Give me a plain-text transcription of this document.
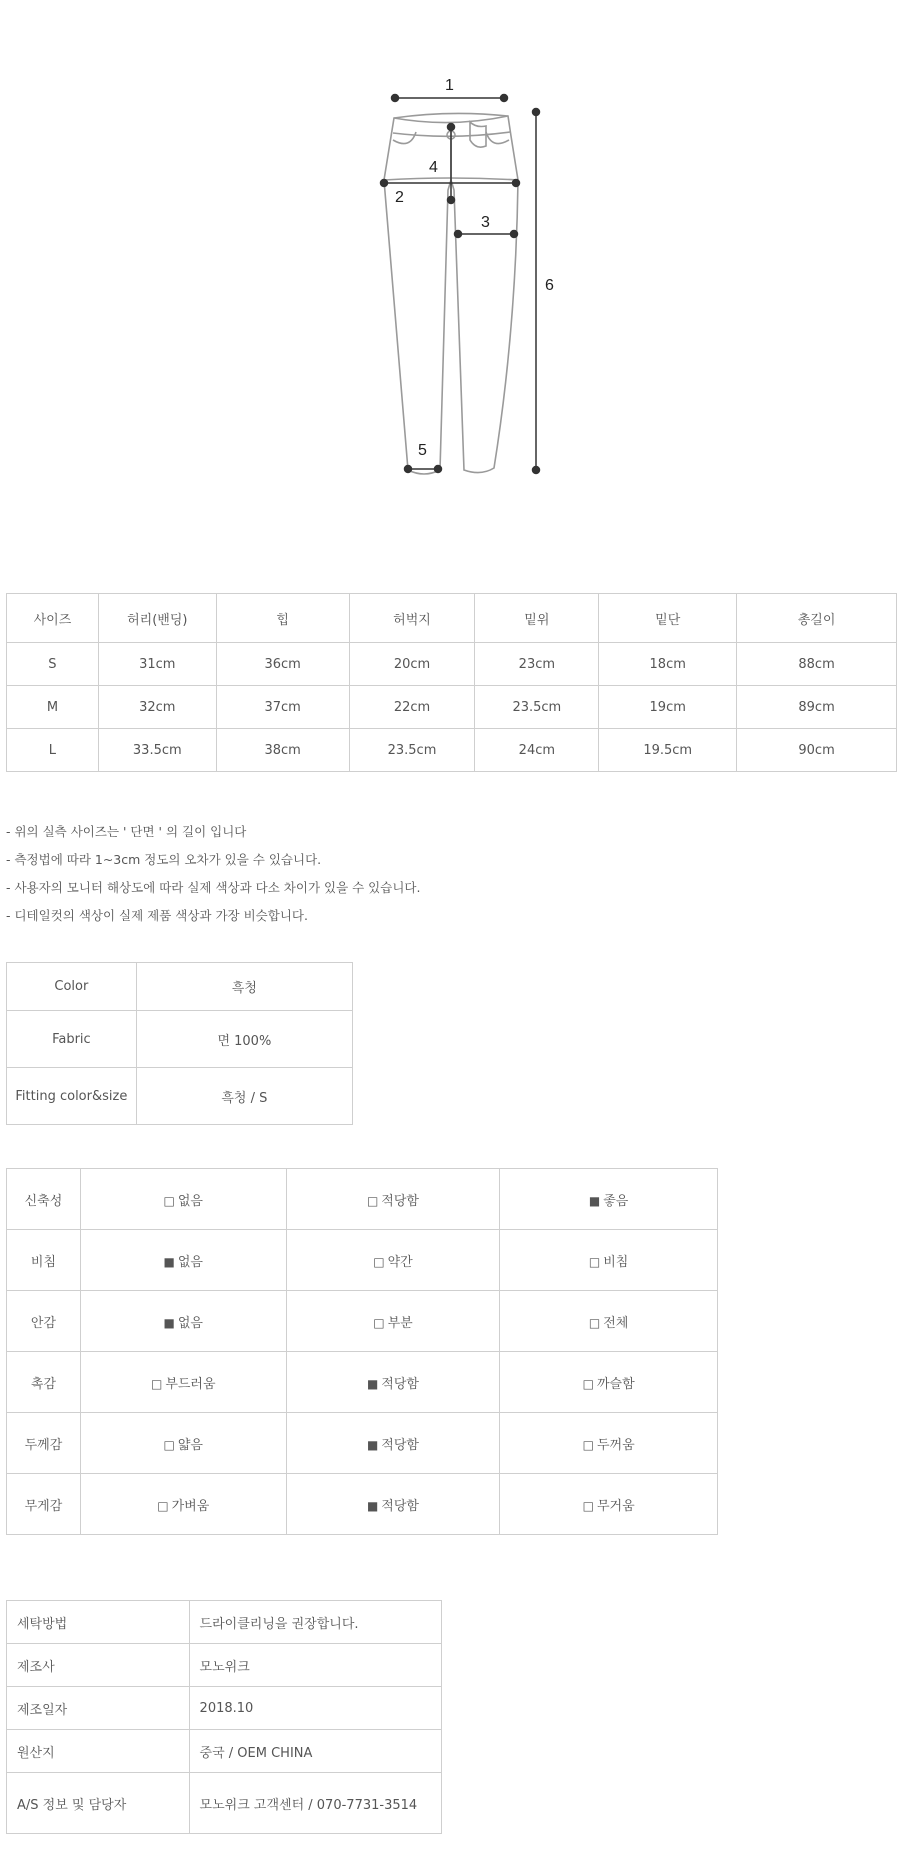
1
2
3
4
5
6
사이즈	허리(밴딩)	힙	허벅지	밑위	밑단	총길이
S	31cm	36cm	20cm	23cm	18cm	88cm
M	32cm	37cm	22cm	23.5cm	19cm	89cm
L	33.5cm	38cm	23.5cm	24cm	19.5cm	90cm
- 위의 실측 사이즈는 ' 단면 ' 의 길이 입니다
- 측정법에 따라 1~3cm 정도의 오차가 있을 수 있습니다.
- 사용자의 모니터 해상도에 따라 실제 색상과 다소 차이가 있을 수 있습니다.
- 디테일컷의 색상이 실제 제품 색상과 가장 비슷합니다.
Color	흑청
Fabric	면 100%
Fitting color&size	흑청 / S
신축성	□ 없음	□ 적당함	■ 좋음
비침	■ 없음	□ 약간	□ 비침
안감	■ 없음	□ 부분	□ 전체
촉감	□ 부드러움	■ 적당함	□ 까슬함
두께감	□ 얇음	■ 적당함	□ 두꺼움
무게감	□ 가벼움	■ 적당함	□ 무거움
세탁방법	드라이클리닝을 권장합니다.
제조사	모노위크
제조일자	2018.10
원산지	중국 / OEM CHINA
A/S 정보 및 담당자	모노위크 고객센터 / 070-7731-3514
